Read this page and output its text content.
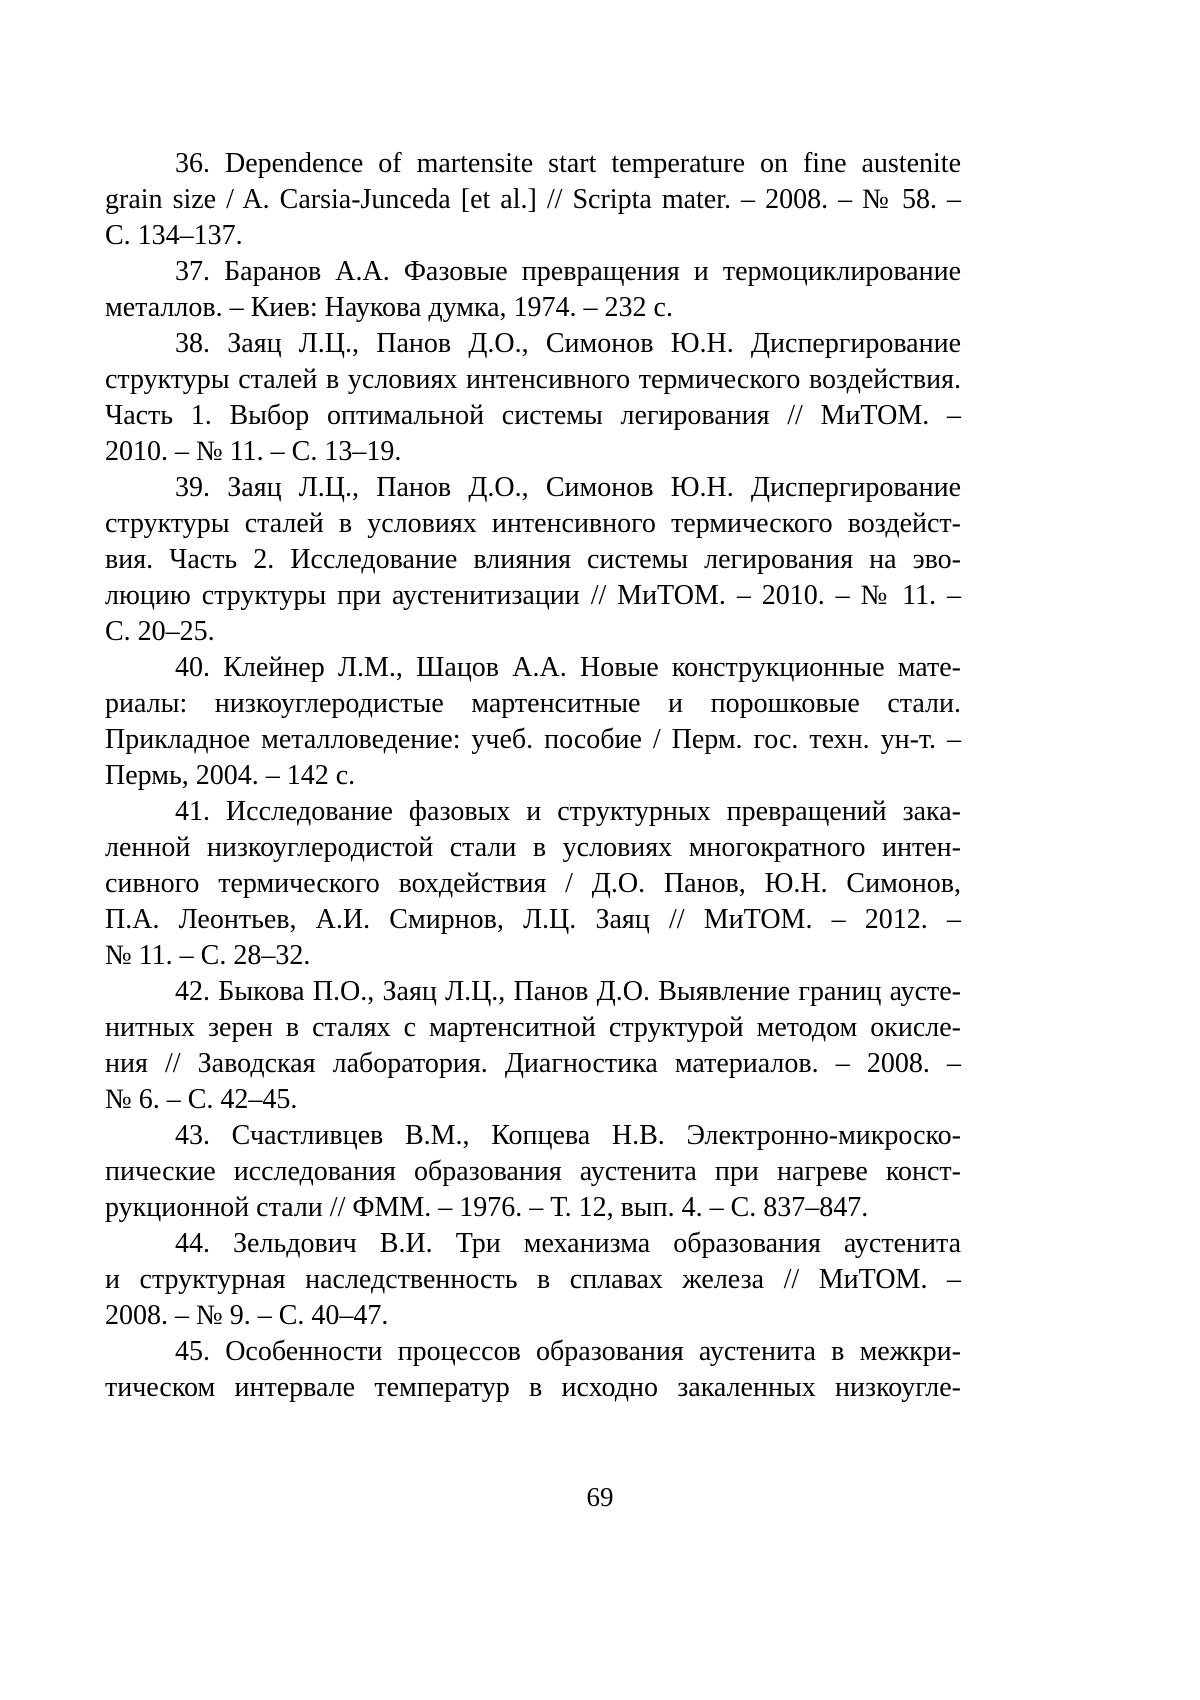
36. Dependence of martensite start temperature on fine austenite
grain size / A. Carsia-Junceda [et al.] // Scripta mater. – 2008. – № 58. –
С. 134–137.
37. Баранов А.А. Фазовые превращения и термоциклирование
металлов. – Киев: Наукова думка, 1974. – 232 с.
38. Заяц Л.Ц., Панов Д.О., Симонов Ю.Н. Диспергирование
структуры сталей в условиях интенсивного термического воздействия.
Часть 1. Выбор оптимальной системы легирования // МиТОМ. –
2010. – № 11. – С. 13–19.
39. Заяц Л.Ц., Панов Д.О., Симонов Ю.Н. Диспергирование
структуры сталей в условиях интенсивного термического воздейст-
вия. Часть 2. Исследование влияния системы легирования на эво-
люцию структуры при аустенитизации // МиТОМ. – 2010. – № 11. –
С. 20–25.
40. Клейнер Л.М., Шацов А.А. Новые конструкционные мате-
риалы: низкоуглеродистые мартенситные и порошковые стали.
Прикладное металловедение: учеб. пособие / Перм. гос. техн. ун-т. –
Пермь, 2004. – 142 с.
41. Исследование фазовых и структурных превращений зака-
ленной низкоуглеродистой стали в условиях многократного интен-
сивного термического вохдействия / Д.О. Панов, Ю.Н. Симонов,
П.А. Леонтьев, А.И. Смирнов, Л.Ц. Заяц // МиТОМ. – 2012. –
№ 11. – С. 28–32.
42. Быкова П.О., Заяц Л.Ц., Панов Д.О. Выявление границ аусте-
нитных зерен в сталях с мартенситной структурой методом окисле-
ния // Заводская лаборатория. Диагностика материалов. – 2008. –
№ 6. – С. 42–45.
43. Счастливцев В.М., Копцева Н.В. Электронно-микроско-
пические исследования образования аустенита при нагреве конст-
рукционной стали // ФММ. – 1976. – Т. 12, вып. 4. – С. 837–847.
44. Зельдович В.И. Три механизма образования аустенита
и структурная наследственность в сплавах железа // МиТОМ. –
2008. – № 9. – С. 40–47.
45. Особенности процессов образования аустенита в межкри-
тическом интервале температур в исходно закаленных низкоугле-
69
